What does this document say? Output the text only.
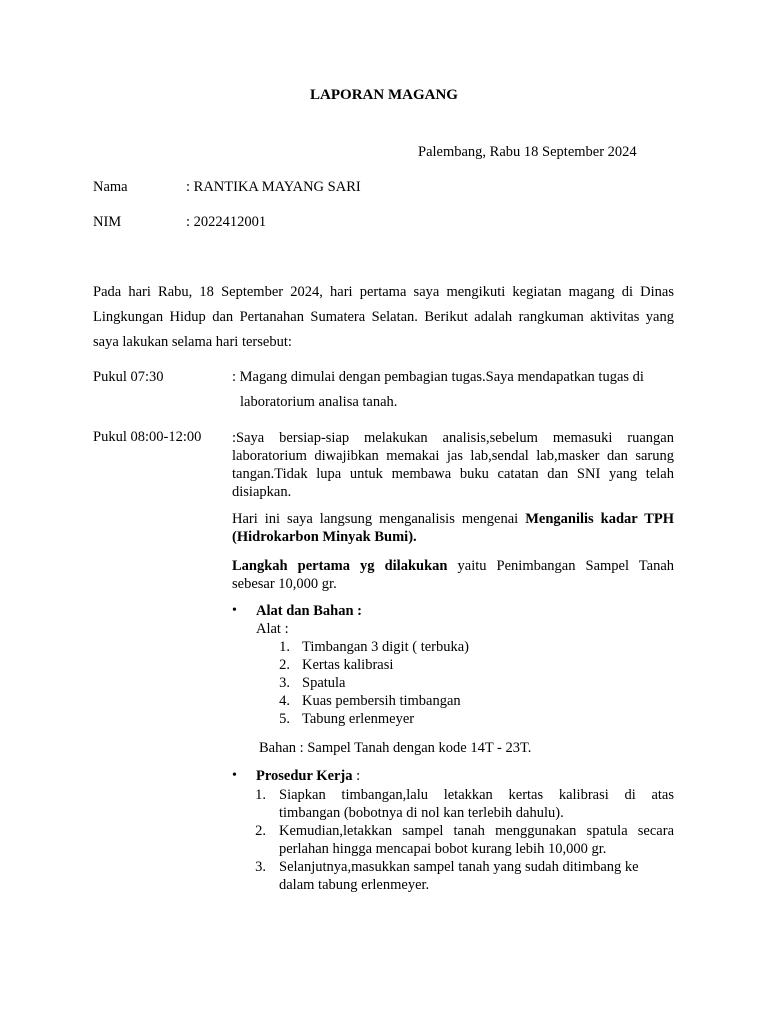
LAPORAN MAGANG
Palembang, Rabu 18 September 2024
Nama	: RANTIKA MAYANG SARI
NIM	: 2022412001
Pada hari Rabu, 18 September 2024, hari pertama saya mengikuti kegiatan magang di Dinas Lingkungan Hidup dan Pertanahan Sumatera Selatan. Berikut adalah rangkuman aktivitas yang saya lakukan selama hari tersebut:
Pukul 07:30	: Magang dimulai dengan pembagian tugas.Saya mendapatkan tugas di
laboratorium analisa tanah.
Pukul 08:00-12:00 :Saya bersiap-siap melakukan analisis,sebelum memasuki ruangan laboratorium diwajibkan memakai jas lab,sendal lab,masker dan sarung tangan.Tidak lupa untuk membawa buku catatan dan SNI yang telah disiapkan.
Hari ini saya langsung menganalisis mengenai Menganilis kadar TPH (Hidrokarbon Minyak Bumi).
Langkah pertama yg dilakukan yaitu Penimbangan Sampel Tanah sebesar 10,000 gr.
• Alat dan Bahan :
Alat :
1. Timbangan 3 digit ( terbuka)
2. Kertas kalibrasi
3. Spatula
4. Kuas pembersih timbangan
5. Tabung erlenmeyer
Bahan : Sampel Tanah dengan kode 14T - 23T.
• Prosedur Kerja :
1. Siapkan timbangan,lalu letakkan kertas kalibrasi di atas
timbangan (bobotnya di nol kan terlebih dahulu).
2. Kemudian,letakkan sampel tanah menggunakan spatula secara
perlahan hingga mencapai bobot kurang lebih 10,000 gr.
3. Selanjutnya,masukkan sampel tanah yang sudah ditimbang ke
dalam tabung erlenmeyer.
